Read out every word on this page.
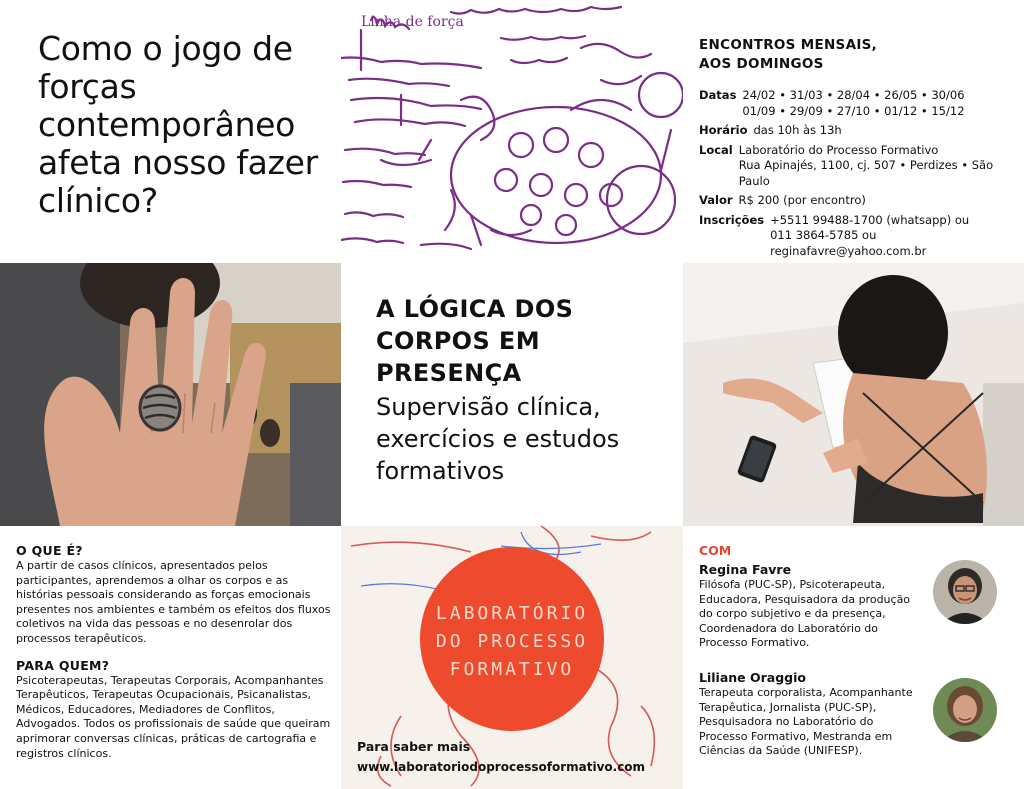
Como o jogo de forças contemporâneo afeta nosso fazer clínico?
Linha de força
ENCONTROS MENSAIS,
AOS DOMINGOS
Datas 24/02 • 31/03 • 28/04 • 26/05 • 30/06
01/09 • 29/09 • 27/10 • 01/12 • 15/12
Horário das 10h às 13h
Local Laboratório do Processo Formativo
Rua Apinajés, 1100, cj. 507 • Perdizes • São Paulo
Valor R$ 200 (por encontro)
Inscrições +5511 99488-1700 (whatsapp) ou
011 3864-5785 ou reginafavre@yahoo.com.br
A LÓGICA DOS
CORPOS EM
PRESENÇA
Supervisão clínica, exercícios e estudos formativos
O QUE É?
A partir de casos clínicos, apresentados pelos participantes, aprendemos a olhar os corpos e as histórias pessoais considerando as forças emocionais presentes nos ambientes e também os efeitos dos fluxos coletivos na vida das pessoas e no desenrolar dos processos terapêuticos.
PARA QUEM?
Psicoterapeutas, Terapeutas Corporais, Acompanhantes Terapêuticos, Terapeutas Ocupacionais, Psicanalistas, Médicos, Educadores, Mediadores de Conflitos, Advogados. Todos os profissionais de saúde que queiram aprimorar conversas clínicas, práticas de cartografia e registros clínicos.
LABORATÓRIO
DO PROCESSO
FORMATIVO
Para saber mais
www.laboratoriodoprocessoformativo.com
COM
Regina Favre
Filósofa (PUC-SP), Psicoterapeuta, Educadora, Pesquisadora da produção do corpo subjetivo e da presença, Coordenadora do Laboratório do Processo Formativo.
Liliane Oraggio
Terapeuta corporalista, Acompanhante Terapêutica, Jornalista (PUC-SP), Pesquisadora no Laboratório do Processo Formativo, Mestranda em Ciências da Saúde (UNIFESP).
